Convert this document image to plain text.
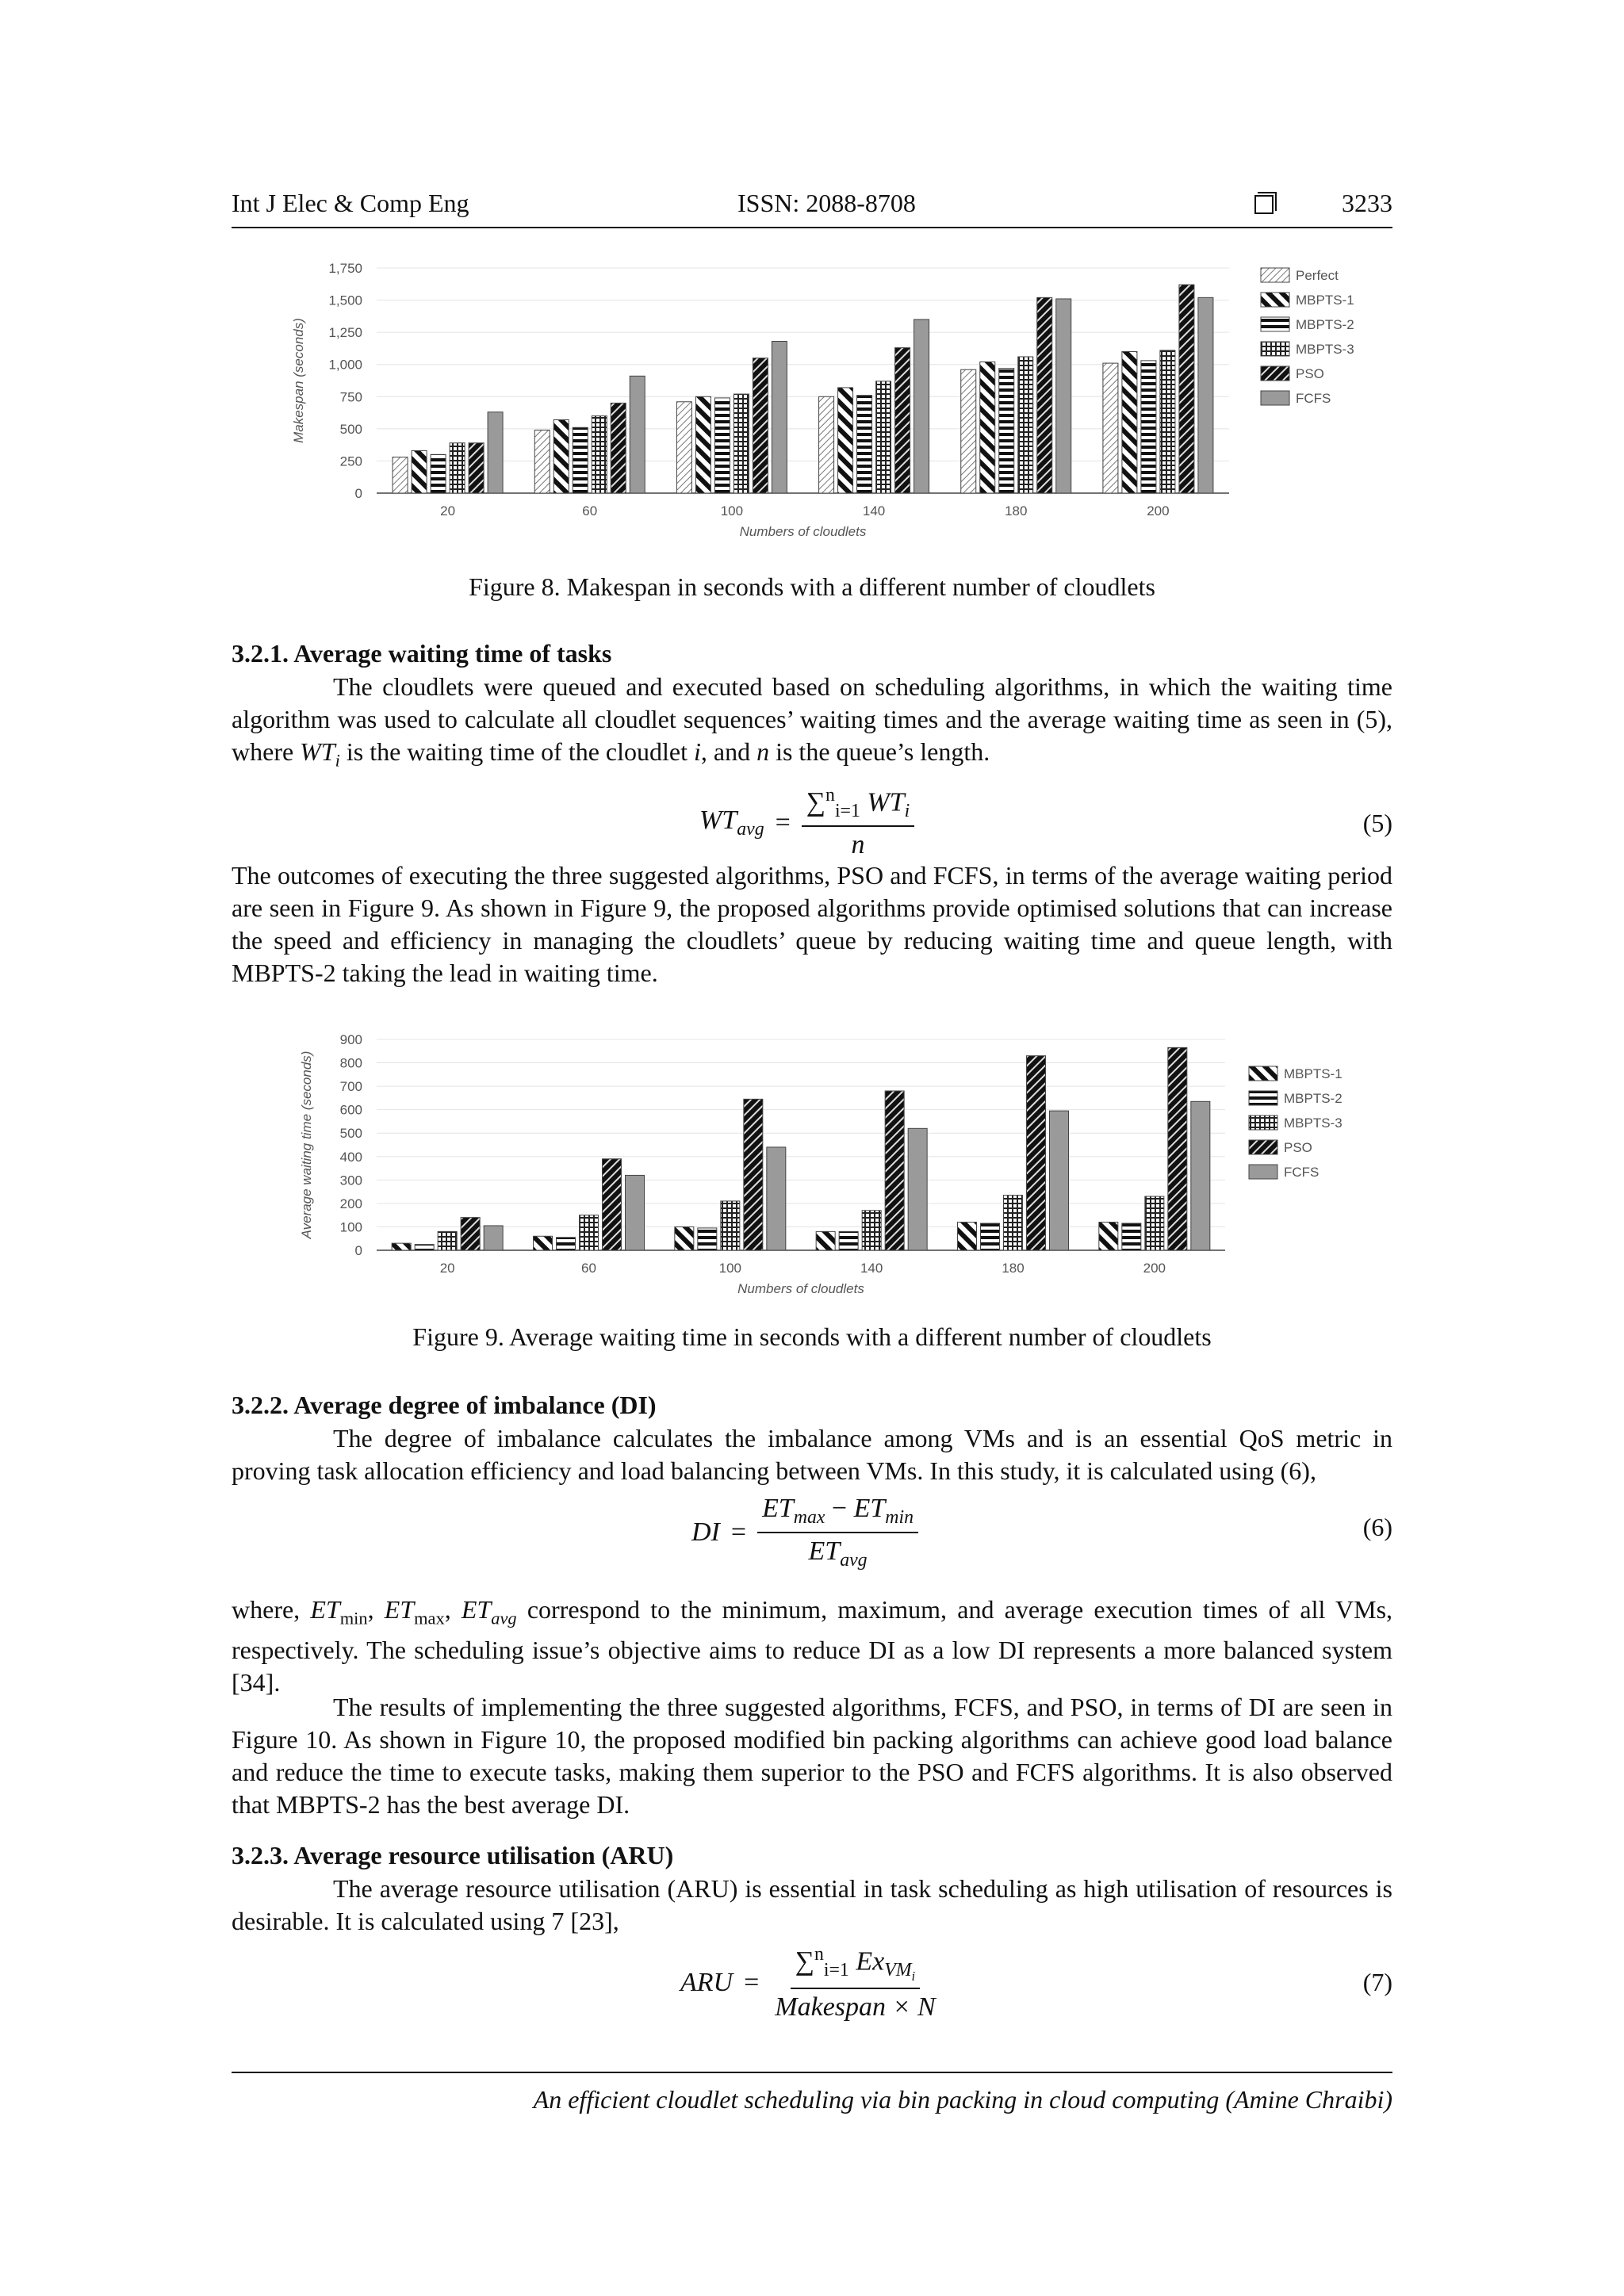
Int J Elec & Comp Eng	ISSN: 2088-8708	3233
0
250
500
750
1,000
1,250
1,500
1,750
Makespan (seconds)
20	60	100	140	180	200
Numbers of cloudlets
Perfect
MBPTS-1
MBPTS-2
MBPTS-3
PSO
FCFS
Figure 8. Makespan in seconds with a different number of cloudlets
3.2.1. Average waiting time of tasks
The cloudlets were queued and executed based on scheduling algorithms, in which the waiting time algorithm was used to calculate all cloudlet sequences’ waiting times and the average waiting time as seen in (5), where $WT_i$ is the waiting time of the cloudlet i, and n is the queue’s length.
$WT_{avg} = \frac{\sum^n_{i=1} WT_i}{n}$	(5)
The outcomes of executing the three suggested algorithms, PSO and FCFS, in terms of the average waiting period are seen in Figure 9. As shown in Figure 9, the proposed algorithms provide optimised solutions that can increase the speed and efficiency in managing the cloudlets’ queue by reducing waiting time and queue length, with MBPTS-2 taking the lead in waiting time.
0
100
200
300
400
500
600
700
800
900
Average waiting time (seconds)
20	60	100	140	180	200
Numbers of cloudlets
MBPTS-1
MBPTS-2
MBPTS-3
PSO
FCFS
Figure 9. Average waiting time in seconds with a different number of cloudlets
3.2.2. Average degree of imbalance (DI)
The degree of imbalance calculates the imbalance among VMs and is an essential QoS metric in proving task allocation efficiency and load balancing between VMs. In this study, it is calculated using (6),
DI = $\frac{ET_{max} - ET_{min}}{ET_{avg}}$	(6)
where, $ET_{min}$, $ET_{max}$, $ET_{avg}$ correspond to the minimum, maximum, and average execution times of all VMs, respectively. The scheduling issue’s objective aims to reduce DI as a low DI represents a more balanced system [34].
The results of implementing the three suggested algorithms, FCFS, and PSO, in terms of DI are seen in Figure 10. As shown in Figure 10, the proposed modified bin packing algorithms can achieve good load balance and reduce the time to execute tasks, making them superior to the PSO and FCFS algorithms. It is also observed that MBPTS-2 has the best average DI.
3.2.3. Average resource utilisation (ARU)
The average resource utilisation (ARU) is essential in task scheduling as high utilisation of resources is desirable. It is calculated using 7 [23],
ARU = $\frac{\sum^n_{i=1} Ex_{VM_i}}{\text{Makespan × N}}$	(7)
An efficient cloudlet scheduling via bin packing in cloud computing (Amine Chraibi)
